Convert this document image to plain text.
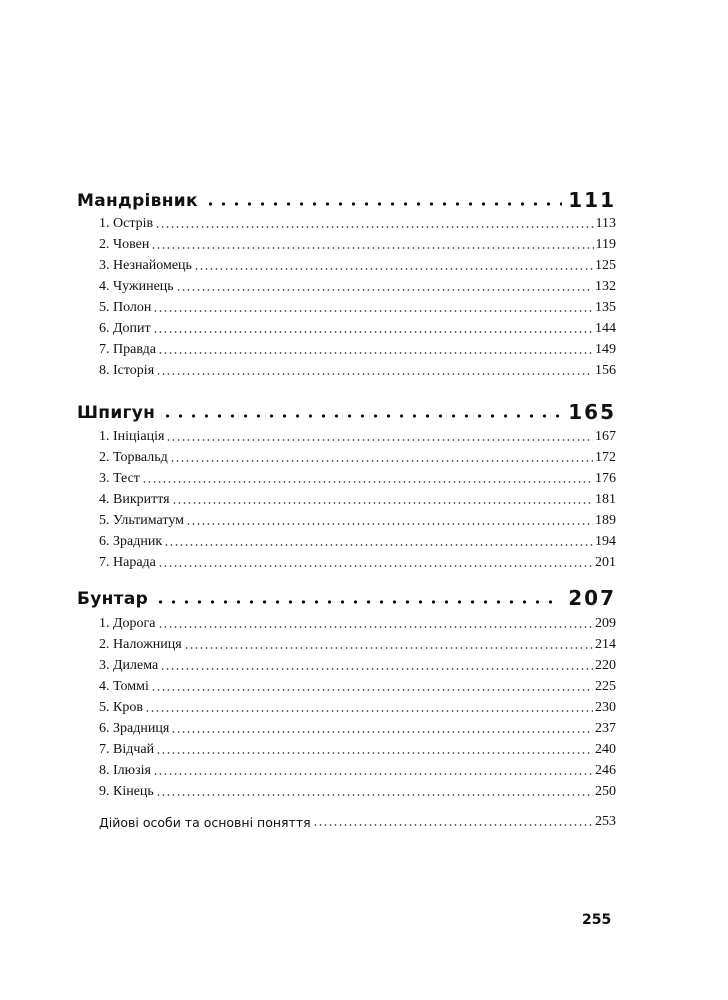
Мандрівник	111
1. Острів	113
2. Човен	119
3. Незнайомець	125
4. Чужинець	132
5. Полон	135
6. Допит	144
7. Правда	149
8. Історія	156
Шпигун	165
1. Ініціація	167
2. Торвальд	172
3. Тест	176
4. Викриття	181
5. Ультиматум	189
6. Зрадник	194
7. Нарада	201
Бунтар	207
1. Дорога	209
2. Наложниця	214
3. Дилема	220
4. Томмі	225
5. Кров	230
6. Зрадниця	237
7. Відчай	240
8. Ілюзія	246
9. Кінець	250
Дійові особи та основні поняття	253
255
